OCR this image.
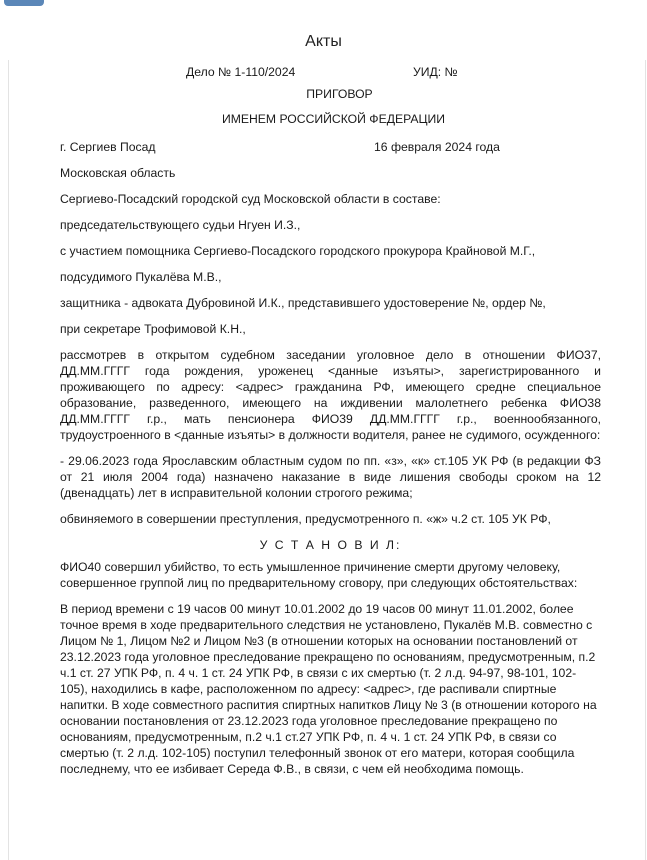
Акты
Дело № 1-110/2024	УИД: №
ПРИГОВОР
ИМЕНЕМ РОССИЙСКОЙ ФЕДЕРАЦИИ
г. Сергиев Посад	16 февраля 2024 года
Московская область
Сергиево-Посадский городской суд Московской области в составе:
председательствующего судьи Нгуен И.З.,
с участием помощника Сергиево-Посадского городского прокурора Крайновой М.Г.,
подсудимого Пукалёва М.В.,
защитника - адвоката Дубровиной И.К., представившего удостоверение №, ордер №,
при секретаре Трофимовой К.Н.,
рассмотрев в открытом судебном заседании уголовное дело в отношении ФИО37, ДД.ММ.ГГГГ года рождения, уроженец <данные изъяты>, зарегистрированного и проживающего по адресу: <адрес> гражданина РФ, имеющего средне специальное образование, разведенного, имеющего на иждивении малолетнего ребенка ФИО38 ДД.ММ.ГГГГ г.р., мать пенсионера ФИО39 ДД.ММ.ГГГГ г.р., военнообязанного, трудоустроенного в <данные изъяты> в должности водителя, ранее не судимого, осужденного:
- 29.06.2023 года Ярославским областным судом по пп. «з», «к» ст.105 УК РФ (в редакции ФЗ от 21 июля 2004 года) назначено наказание в виде лишения свободы сроком на 12 (двенадцать) лет в исправительной колонии строгого режима;
обвиняемого в совершении преступления, предусмотренного п. «ж» ч.2 ст. 105 УК РФ,
У С Т А Н О В И Л:
ФИО40 совершил убийство, то есть умышленное причинение смерти другому человеку, совершенное группой лиц по предварительному сговору, при следующих обстоятельствах:
В период времени с 19 часов 00 минут 10.01.2002 до 19 часов 00 минут 11.01.2002, более точное время в ходе предварительного следствия не установлено, Пукалёв М.В. совместно с Лицом № 1, Лицом №2 и Лицом №3 (в отношении которых на основании постановлений от 23.12.2023 года уголовное преследование прекращено по основаниям, предусмотренным, п.2 ч.1 ст. 27 УПК РФ, п. 4 ч. 1 ст. 24 УПК РФ, в связи с их смертью (т. 2 л.д. 94-97, 98-101, 102-105), находились в кафе, расположенном по адресу: <адрес>, где распивали спиртные напитки. В ходе совместного распития спиртных напитков Лицу № 3 (в отношении которого на основании постановления от 23.12.2023 года уголовное преследование прекращено по основаниям, предусмотренным, п.2 ч.1 ст.27 УПК РФ, п. 4 ч. 1 ст. 24 УПК РФ, в связи со смертью (т. 2 л.д. 102-105) поступил телефонный звонок от его матери, которая сообщила последнему, что ее избивает Середа Ф.В., в связи, с чем ей необходима помощь.
